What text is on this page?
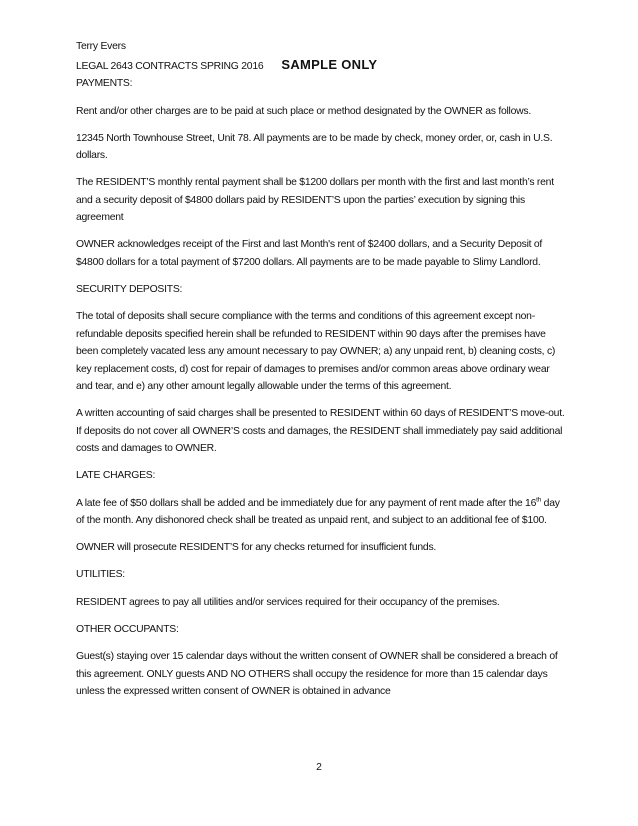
Terry Evers

LEGAL 2643 CONTRACTS SPRING 2016 SAMPLE ONLY

PAYMENTS:

Rent and/or other charges are to be paid at such place or method designated by the OWNER as follows.

12345 North Townhouse Street, Unit 78. All payments are to be made by check, money order, or, cash in U.S. dollars.

The RESIDENT’S monthly rental payment shall be $1200 dollars per month with the first and last month’s rent and a security deposit of $4800 dollars paid by RESIDENT’S upon the parties’ execution by signing this agreement

OWNER acknowledges receipt of the First and last Month's rent of $2400 dollars, and a Security Deposit of $4800 dollars for a total payment of $7200 dollars. All payments are to be made payable to Slimy Landlord.

SECURITY DEPOSITS:

The total of deposits shall secure compliance with the terms and conditions of this agreement except non-refundable deposits specified herein shall be refunded to RESIDENT within 90 days after the premises have been completely vacated less any amount necessary to pay OWNER; a) any unpaid rent, b) cleaning costs, c) key replacement costs, d) cost for repair of damages to premises and/or common areas above ordinary wear and tear, and e) any other amount legally allowable under the terms of this agreement.

A written accounting of said charges shall be presented to RESIDENT within 60 days of RESIDENT’S move-out. If deposits do not cover all OWNER’S costs and damages, the RESIDENT shall immediately pay said additional costs and damages to OWNER.

LATE CHARGES:

A late fee of $50 dollars shall be added and be immediately due for any payment of rent made after the 16th day of the month. Any dishonored check shall be treated as unpaid rent, and subject to an additional fee of $100.

OWNER will prosecute RESIDENT’S for any checks returned for insufficient funds.

UTILITIES:

RESIDENT agrees to pay all utilities and/or services required for their occupancy of the premises.

OTHER OCCUPANTS:

Guest(s) staying over 15 calendar days without the written consent of OWNER shall be considered a breach of this agreement. ONLY guests AND NO OTHERS shall occupy the residence for more than 15 calendar days unless the expressed written consent of OWNER is obtained in advance

2
